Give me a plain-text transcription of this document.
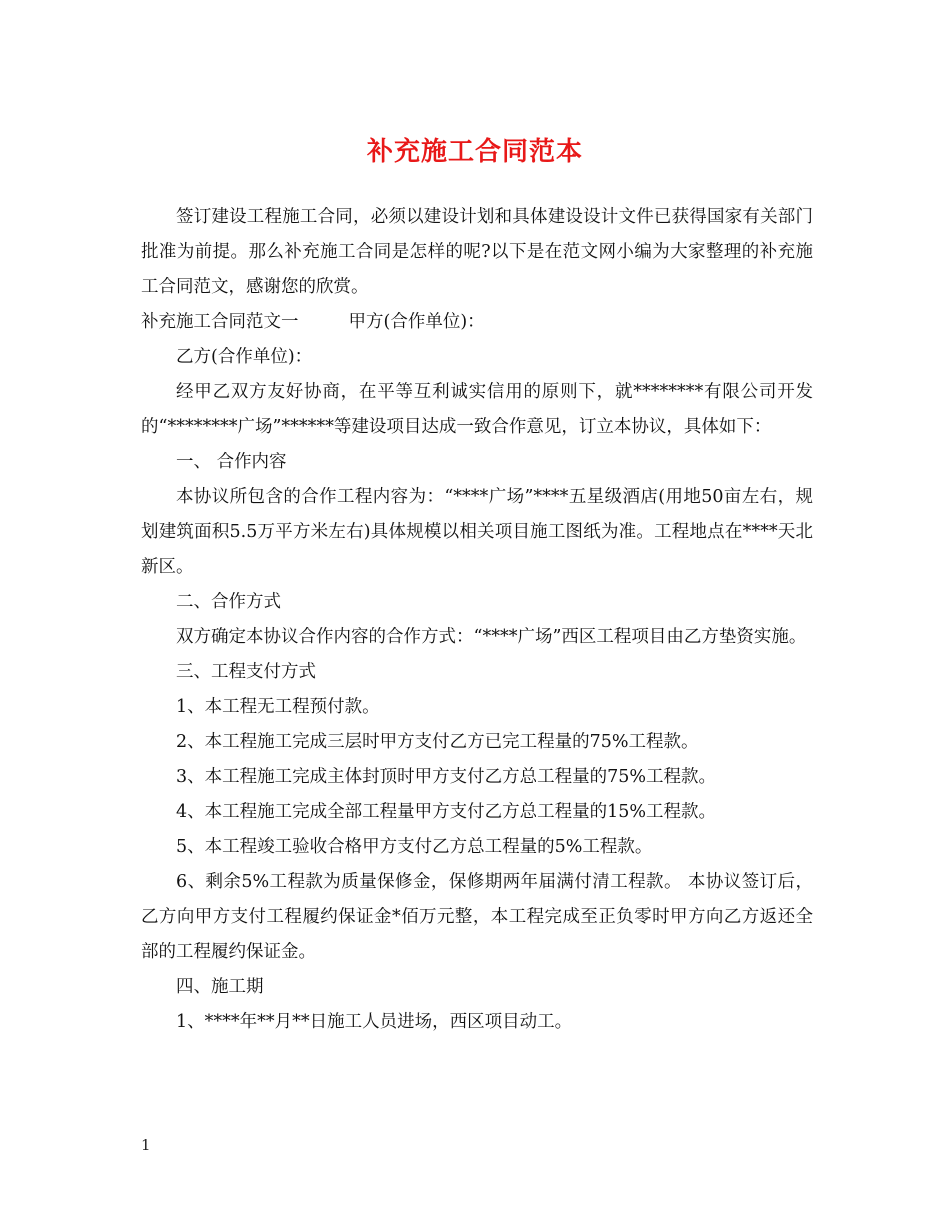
补充施工合同范本

签订建设工程施工合同，必须以建设计划和具体建设设计文件已获得国家有关部门批准为前提。那么补充施工合同是怎样的呢?以下是在范文网小编为大家整理的补充施工合同范文，感谢您的欣赏。

补充施工合同范文一	甲方(合作单位)：

乙方(合作单位)：

经甲乙双方友好协商，在平等互利诚实信用的原则下，就********有限公司开发的“********广场”******等建设项目达成一致合作意见，订立本协议，具体如下：

一、 合作内容

本协议所包含的合作工程内容为：“****广场”****五星级酒店(用地50亩左右，规划建筑面积5.5万平方米左右)具体规模以相关项目施工图纸为准。工程地点在****天北新区。

二、合作方式

双方确定本协议合作内容的合作方式：“****广场”西区工程项目由乙方垫资实施。

三、工程支付方式

1、本工程无工程预付款。

2、本工程施工完成三层时甲方支付乙方已完工程量的75%工程款。

3、本工程施工完成主体封顶时甲方支付乙方总工程量的75%工程款。

4、本工程施工完成全部工程量甲方支付乙方总工程量的15%工程款。

5、本工程竣工验收合格甲方支付乙方总工程量的5%工程款。

6、剩余5%工程款为质量保修金，保修期两年届满付清工程款。 本协议签订后，乙方向甲方支付工程履约保证金*佰万元整，本工程完成至正负零时甲方向乙方返还全部的工程履约保证金。

四、施工期

1、****年**月**日施工人员进场，西区项目动工。

1
